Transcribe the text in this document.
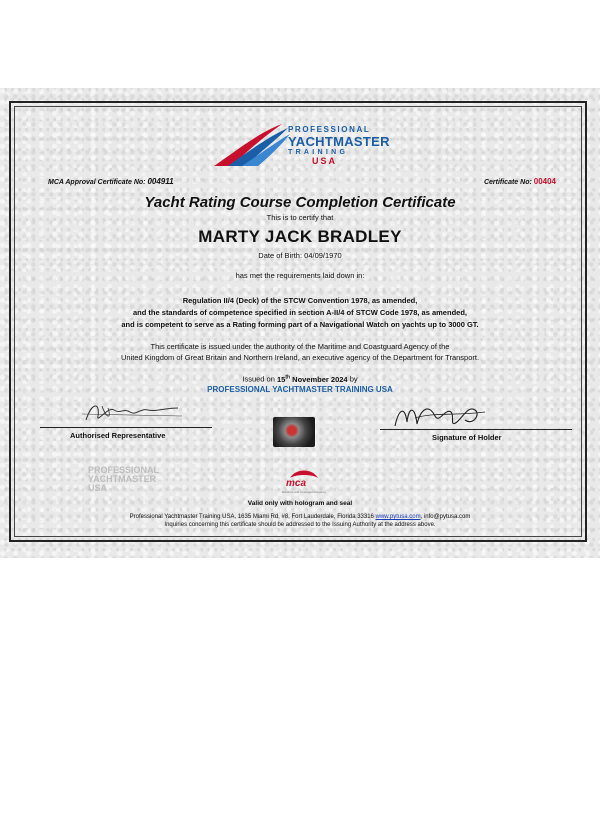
PROFESSIONAL
YACHTMASTER
TRAINING
USA
MCA Approval Certificate No: 004911	Certificate No: 00404
Yacht Rating Course Completion Certificate
This is to certify that
MARTY JACK BRADLEY
Date of Birth: 04/09/1970
has met the requirements laid down in:
Regulation II/4 (Deck) of the STCW Convention 1978, as amended,
and the standards of competence specified in section A-II/4 of STCW Code 1978, as amended,
and is competent to serve as a Rating forming part of a Navigational Watch on yachts up to 3000 GT.
This certificate is issued under the authority of the Maritime and Coastguard Agency of the
United Kingdom of Great Britain and Northern Ireland, an executive agency of the Department for Transport.
Issued on 15th November 2024 by
PROFESSIONAL YACHTMASTER TRAINING USA
Authorised Representative	Signature of Holder
PROFESSIONAL
YACHTMASTER
USA	mca
Maritime and Coastguard Agency
Valid only with hologram and seal
Professional Yachtmaster Training USA, 1635 Miami Rd, #8, Fort Lauderdale, Florida 33316 www.pytusa.com, info@pytusa.com
Inquiries concerning this certificate should be addressed to the Issuing Authority at the address above.
